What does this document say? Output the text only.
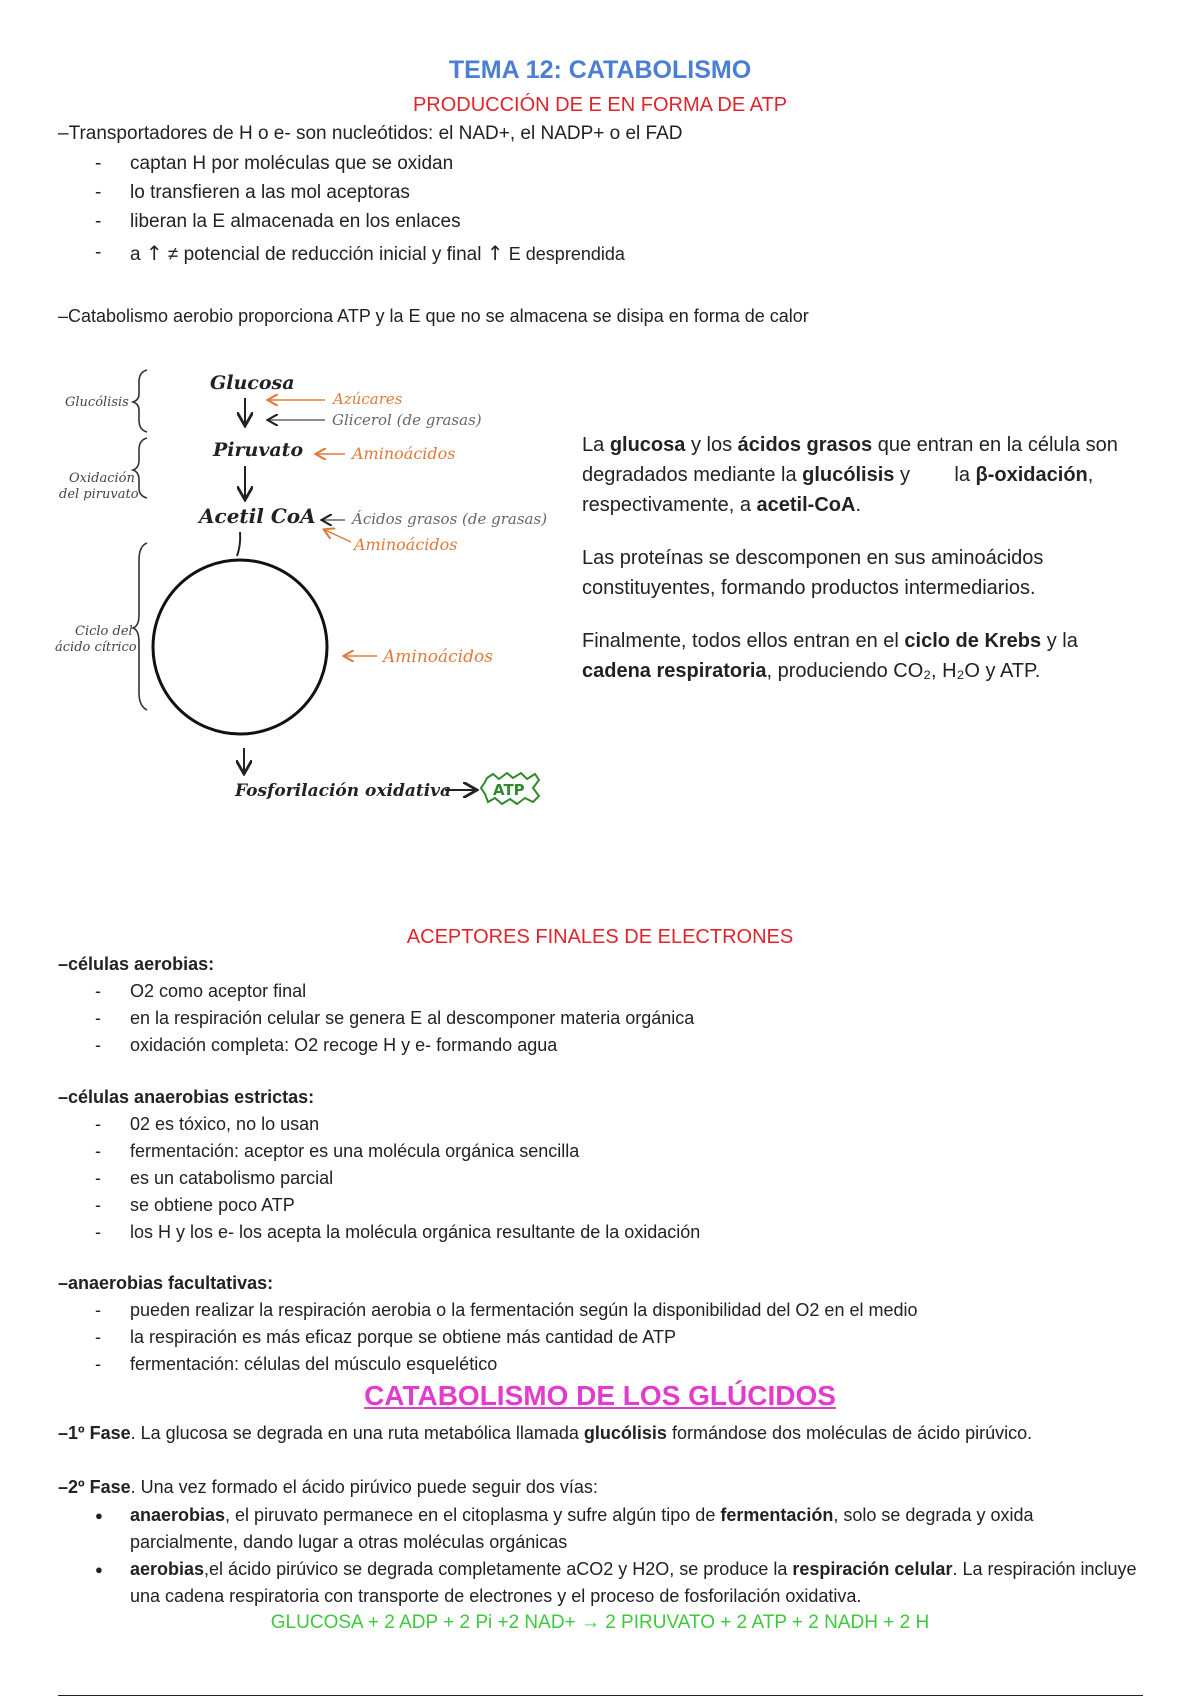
TEMA 12: CATABOLISMO
PRODUCCIÓN DE E EN FORMA DE ATP
–Transportadores de H o e- son nucleótidos: el NAD+, el NADP+ o el FAD
- captan H por moléculas que se oxidan
- lo transfieren a las mol aceptoras
- liberan la E almacenada en los enlaces
- a ↑ ≠ potencial de reducción inicial y final ↑ E desprendida
–Catabolismo aerobio proporciona ATP y la E que no se almacena se disipa en forma de calor
Glucólisis
Oxidación
del piruvato
Ciclo del
ácido cítrico
Glucosa
Piruvato
Acetil CoA
Azúcares
Glicerol (de grasas)
Aminoácidos
Ácidos grasos (de grasas)
Aminoácidos
Aminoácidos
Fosforilación oxidativa	ATP

La glucosa y los ácidos grasos que entran en la célula son degradados mediante la glucólisis y        la β-oxidación, respectivamente, a acetil-CoA.

Las proteínas se descomponen en sus aminoácidos constituyentes, formando productos intermediarios.

Finalmente, todos ellos entran en el ciclo de Krebs y la cadena respiratoria, produciendo CO₂, H₂O y ATP.

ACEPTORES FINALES DE ELECTRONES
–células aerobias:
- O2 como aceptor final
- en la respiración celular se genera E al descomponer materia orgánica
- oxidación completa: O2 recoge H y e- formando agua
–células anaerobias estrictas:
- 02 es tóxico, no lo usan
- fermentación: aceptor es una molécula orgánica sencilla
- es un catabolismo parcial
- se obtiene poco ATP
- los H y los e- los acepta la molécula orgánica resultante de la oxidación
–anaerobias facultativas:
- pueden realizar la respiración aerobia o la fermentación según la disponibilidad del O2 en el medio
- la respiración es más eficaz porque se obtiene más cantidad de ATP
- fermentación: células del músculo esquelético
CATABOLISMO DE LOS GLÚCIDOS
–1º Fase. La glucosa se degrada en una ruta metabólica llamada glucólisis formándose dos moléculas de ácido pirúvico.
–2º Fase. Una vez formado el ácido pirúvico puede seguir dos vías:
● anaerobias, el piruvato permanece en el citoplasma y sufre algún tipo de fermentación, solo se degrada y oxida parcialmente, dando lugar a otras moléculas orgánicas
● aerobias,el ácido pirúvico se degrada completamente aCO2 y H2O, se produce la respiración celular. La respiración incluye una cadena respiratoria con transporte de electrones y el proceso de fosforilación oxidativa.
GLUCOSA + 2 ADP + 2 Pi +2 NAD+ → 2 PIRUVATO + 2 ATP + 2 NADH + 2 H
